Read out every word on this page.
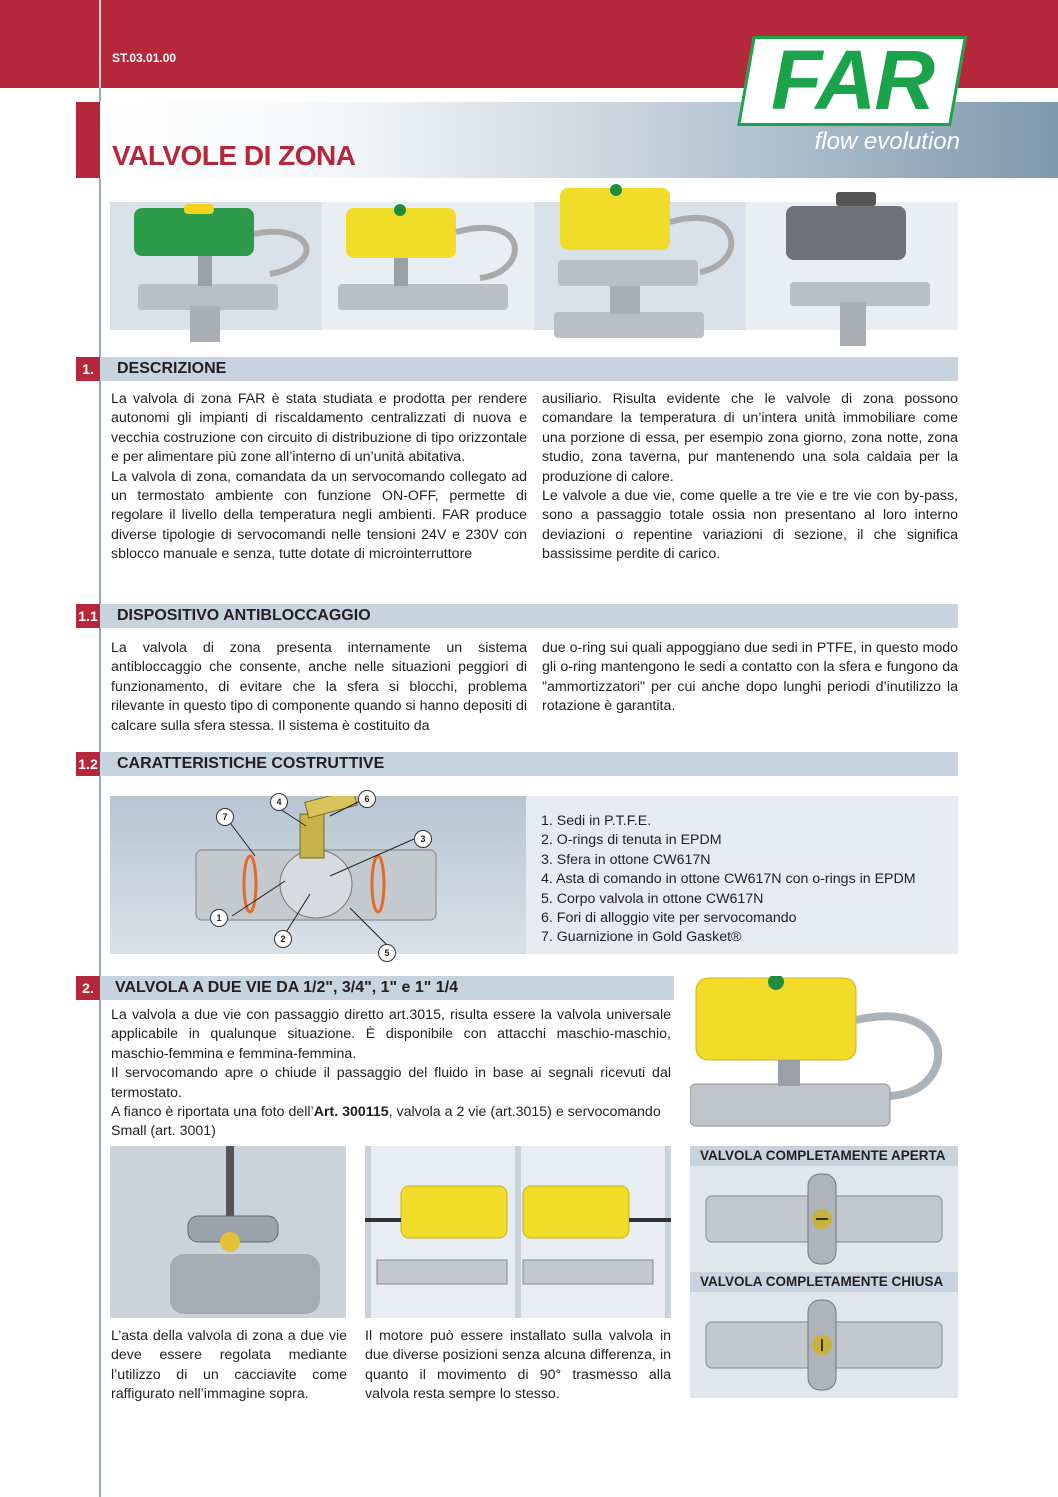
ST.03.01.00
VALVOLE DI ZONA
FAR
flow evolution
1.	DESCRIZIONE

La valvola di zona FAR è stata studiata e prodotta per rendere autonomi gli impianti di riscaldamento centralizzati di nuova e vecchia costruzione con circuito di distribuzione di tipo orizzontale e per alimentare più zone all’interno di un’unità abitativa.

La valvola di zona, comandata da un servocomando collegato ad un termostato ambiente con funzione ON-OFF, permette di regolare il livello della temperatura negli ambienti. FAR produce diverse tipologie di servocomandi nelle tensioni 24V e 230V con sblocco manuale e senza, tutte dotate di microinterruttore

ausiliario. Risulta evidente che le valvole di zona possono comandare la temperatura di un’intera unità immobiliare come una porzione di essa, per esempio zona giorno, zona notte, zona studio, zona taverna, pur mantenendo una sola caldaia per la produzione di calore.

Le valvole a due vie, come quelle a tre vie e tre vie con by-pass, sono a passaggio totale ossia non presentano al loro interno deviazioni o repentine variazioni di sezione, il che significa bassissime perdite di carico.

1.1 DISPOSITIVO ANTIBLOCCAGGIO

La valvola di zona presenta internamente un sistema antibloccaggio che consente, anche nelle situazioni peggiori di funzionamento, di evitare che la sfera si blocchi, problema rilevante in questo tipo di componente quando si hanno depositi di calcare sulla sfera stessa. Il sistema è costituito da

due o-ring sui quali appoggiano due sedi in PTFE, in questo modo gli o-ring mantengono le sedi a contatto con la sfera e fungono da "ammortizzatori" per cui anche dopo lunghi periodi d’inutilizzo la rotazione è garantita.

1.2 CARATTERISTICHE COSTRUTTIVE
1
2
3
4
5
6
7	1. Sedi in P.T.F.E.
2. O-rings di tenuta in EPDM
3. Sfera in ottone CW617N
4. Asta di comando in ottone CW617N con o-rings in EPDM
5. Corpo valvola in ottone CW617N
6. Fori di alloggio vite per servocomando
7. Guarnizione in Gold Gasket®
2.	VALVOLA A DUE VIE DA 1/2", 3/4", 1" e 1" 1/4

La valvola a due vie con passaggio diretto art.3015, risulta essere la valvola universale applicabile in qualunque situazione. È disponibile con attacchi maschio-maschio, maschio-femmina e femmina-femmina.

Il servocomando apre o chiude il passaggio del fluido in base ai segnali ricevuti dal termostato.

A fianco è riportata una foto dell’Art. 300115, valvola a 2 vie (art.3015) e servocomando Small (art. 3001)

VALVOLA COMPLETAMENTE APERTA
VALVOLA COMPLETAMENTE CHIUSA
L’asta della valvola di zona a due vie deve essere regolata mediante l’utilizzo di un cacciavite come raffigurato nell’immagine sopra.
Il motore può essere installato sulla valvola in due diverse posizioni senza alcuna differenza, in quanto il movimento di 90° trasmesso alla valvola resta sempre lo stesso.
